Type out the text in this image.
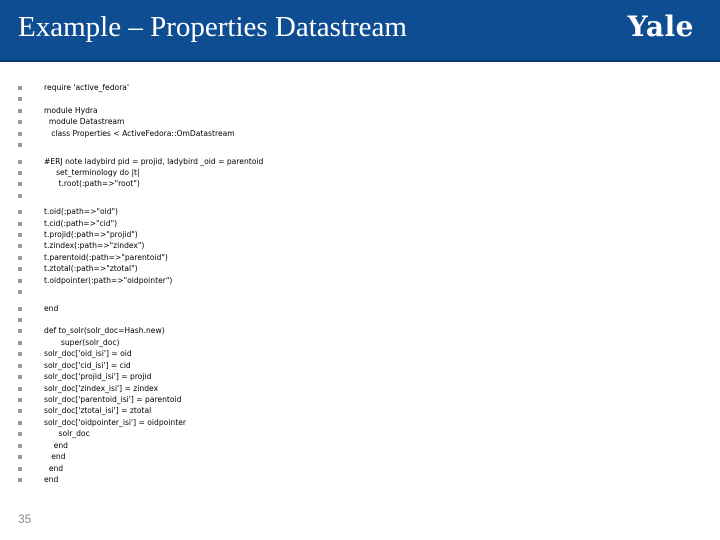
Example – Properties Datastream	Yale
require 'active_fedora'
module Hydra
module Datastream
class Properties < ActiveFedora::OmDatastream
#ERJ note ladybird pid = projid, ladybird _oid = parentoid
set_terminology do |t|
t.root(:path=>"root")
t.oid(:path=>"oid")
t.cid(:path=>"cid")
t.projid(:path=>"projid")
t.zindex(:path=>"zindex")
t.parentoid(:path=>"parentoid")
t.ztotal(:path=>"ztotal")
t.oidpointer(:path=>"oidpointer")
end
def to_solr(solr_doc=Hash.new)
super(solr_doc)
solr_doc['oid_isi'] = oid
solr_doc['cid_isi'] = cid
solr_doc['projid_isi'] = projid
solr_doc['zindex_isi'] = zindex
solr_doc['parentoid_isi'] = parentoid
solr_doc['ztotal_isi'] = ztotal
solr_doc['oidpointer_isi'] = oidpointer
solr_doc
end
end
end
end
35
